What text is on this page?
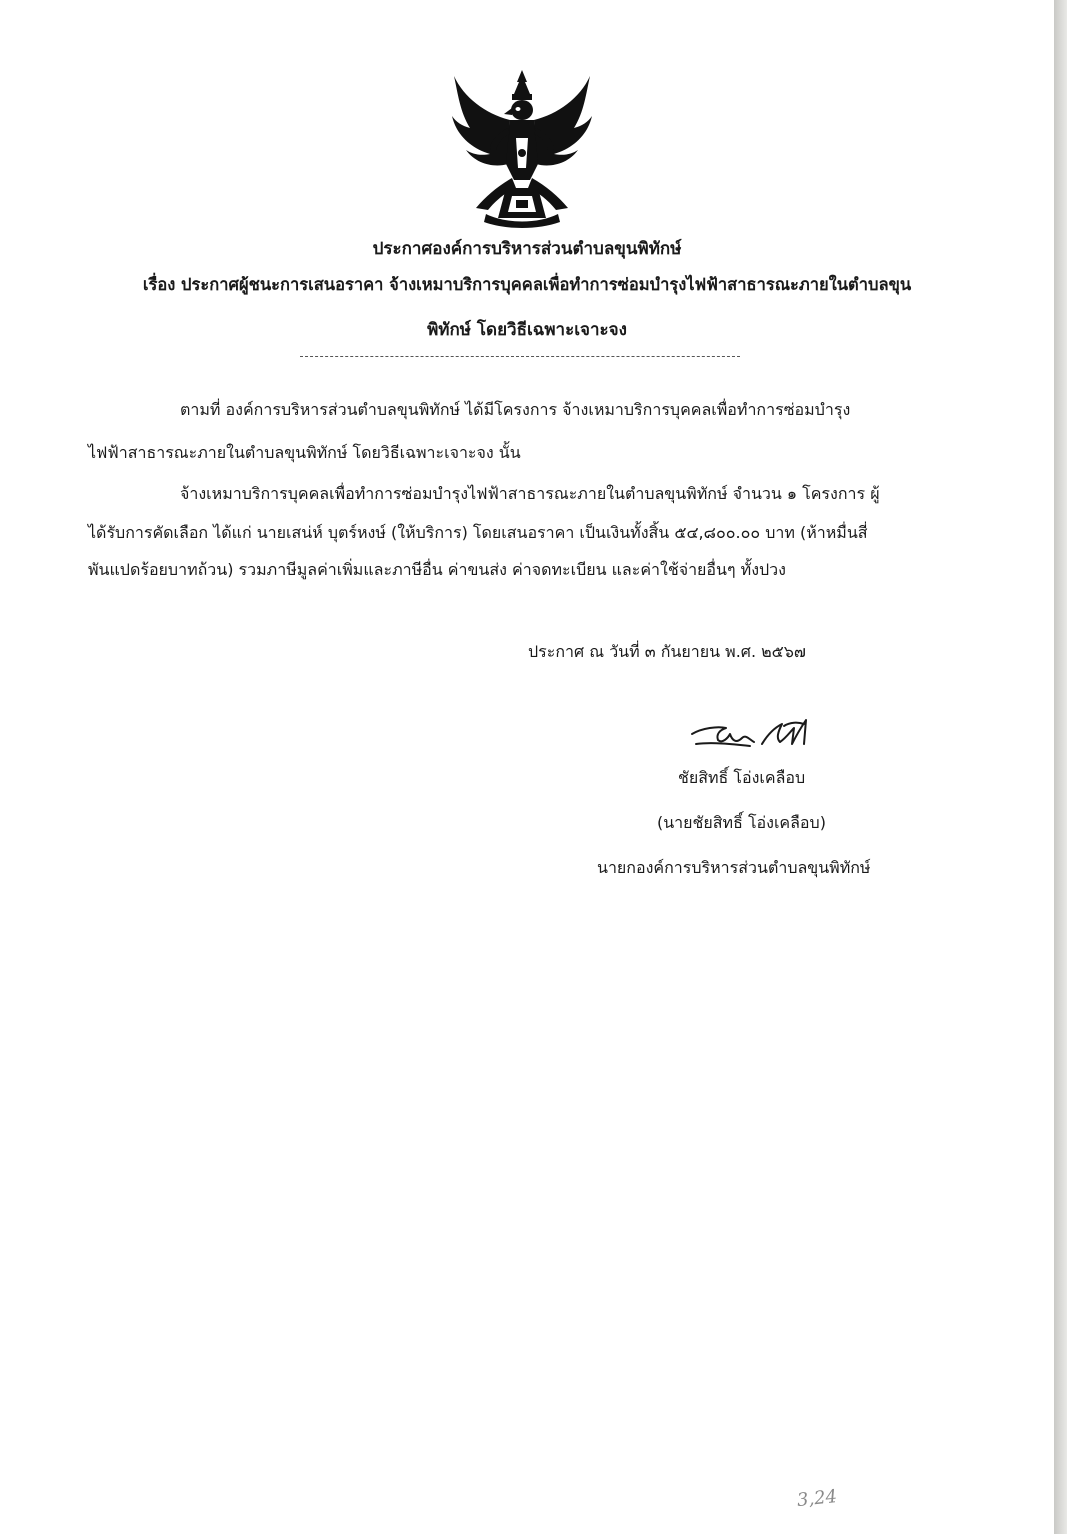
ประกาศองค์การบริหารส่วนตำบลขุนพิทักษ์
เรื่อง ประกาศผู้ชนะการเสนอราคา จ้างเหมาบริการบุคคลเพื่อทำการซ่อมบำรุงไฟฟ้าสาธารณะภายในตำบลขุน
พิทักษ์ โดยวิธีเฉพาะเจาะจง
ตามที่ องค์การบริหารส่วนตำบลขุนพิทักษ์ ได้มีโครงการ จ้างเหมาบริการบุคคลเพื่อทำการซ่อมบำรุง
ไฟฟ้าสาธารณะภายในตำบลขุนพิทักษ์ โดยวิธีเฉพาะเจาะจง นั้น
จ้างเหมาบริการบุคคลเพื่อทำการซ่อมบำรุงไฟฟ้าสาธารณะภายในตำบลขุนพิทักษ์ จำนวน ๑ โครงการ ผู้
ได้รับการคัดเลือก ได้แก่ นายเสน่ห์ บุตร์หงษ์ (ให้บริการ) โดยเสนอราคา เป็นเงินทั้งสิ้น ๕๔,๘๐๐.๐๐ บาท (ห้าหมื่นสี่
พันแปดร้อยบาทถ้วน) รวมภาษีมูลค่าเพิ่มและภาษีอื่น ค่าขนส่ง ค่าจดทะเบียน และค่าใช้จ่ายอื่นๆ ทั้งปวง
ประกาศ ณ วันที่ ๓ กันยายน พ.ศ. ๒๕๖๗
ชัยสิทธิ์ โอ่งเคลือบ
(นายชัยสิทธิ์ โอ่งเคลือบ)
นายกองค์การบริหารส่วนตำบลขุนพิทักษ์
3,24
